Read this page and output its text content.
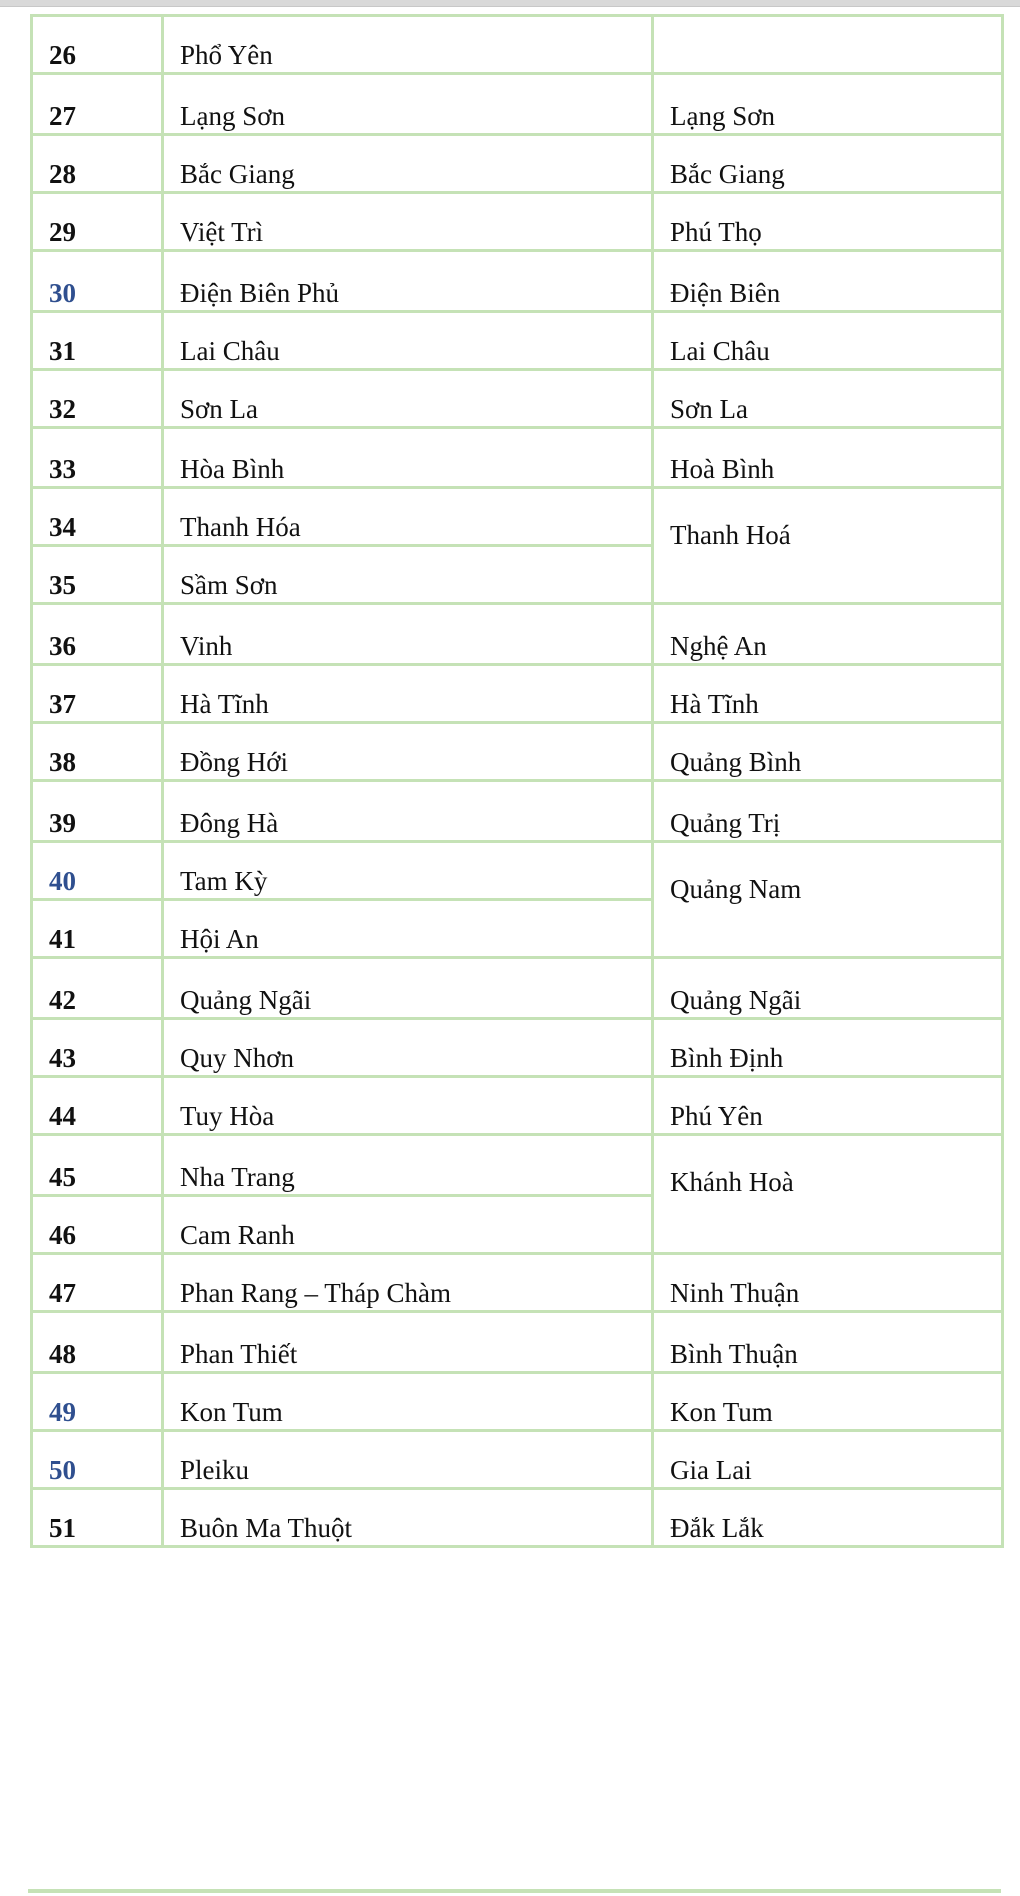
26	Phổ Yên	
27	Lạng Sơn	Lạng Sơn
28	Bắc Giang	Bắc Giang
29	Việt Trì	Phú Thọ
30	Điện Biên Phủ	Điện Biên
31	Lai Châu	Lai Châu
32	Sơn La	Sơn La
33	Hòa Bình	Hoà Bình
34	Thanh Hóa	Thanh Hoá
35	Sầm Sơn	
36	Vinh	Nghệ An
37	Hà Tĩnh	Hà Tĩnh
38	Đồng Hới	Quảng Bình
39	Đông Hà	Quảng Trị
40	Tam Kỳ	Quảng Nam
41	Hội An	
42	Quảng Ngãi	Quảng Ngãi
43	Quy Nhơn	Bình Định
44	Tuy Hòa	Phú Yên
45	Nha Trang	Khánh Hoà
46	Cam Ranh	
47	Phan Rang – Tháp Chàm	Ninh Thuận
48	Phan Thiết	Bình Thuận
49	Kon Tum	Kon Tum
50	Pleiku	Gia Lai
51	Buôn Ma Thuột	Đắk Lắk
